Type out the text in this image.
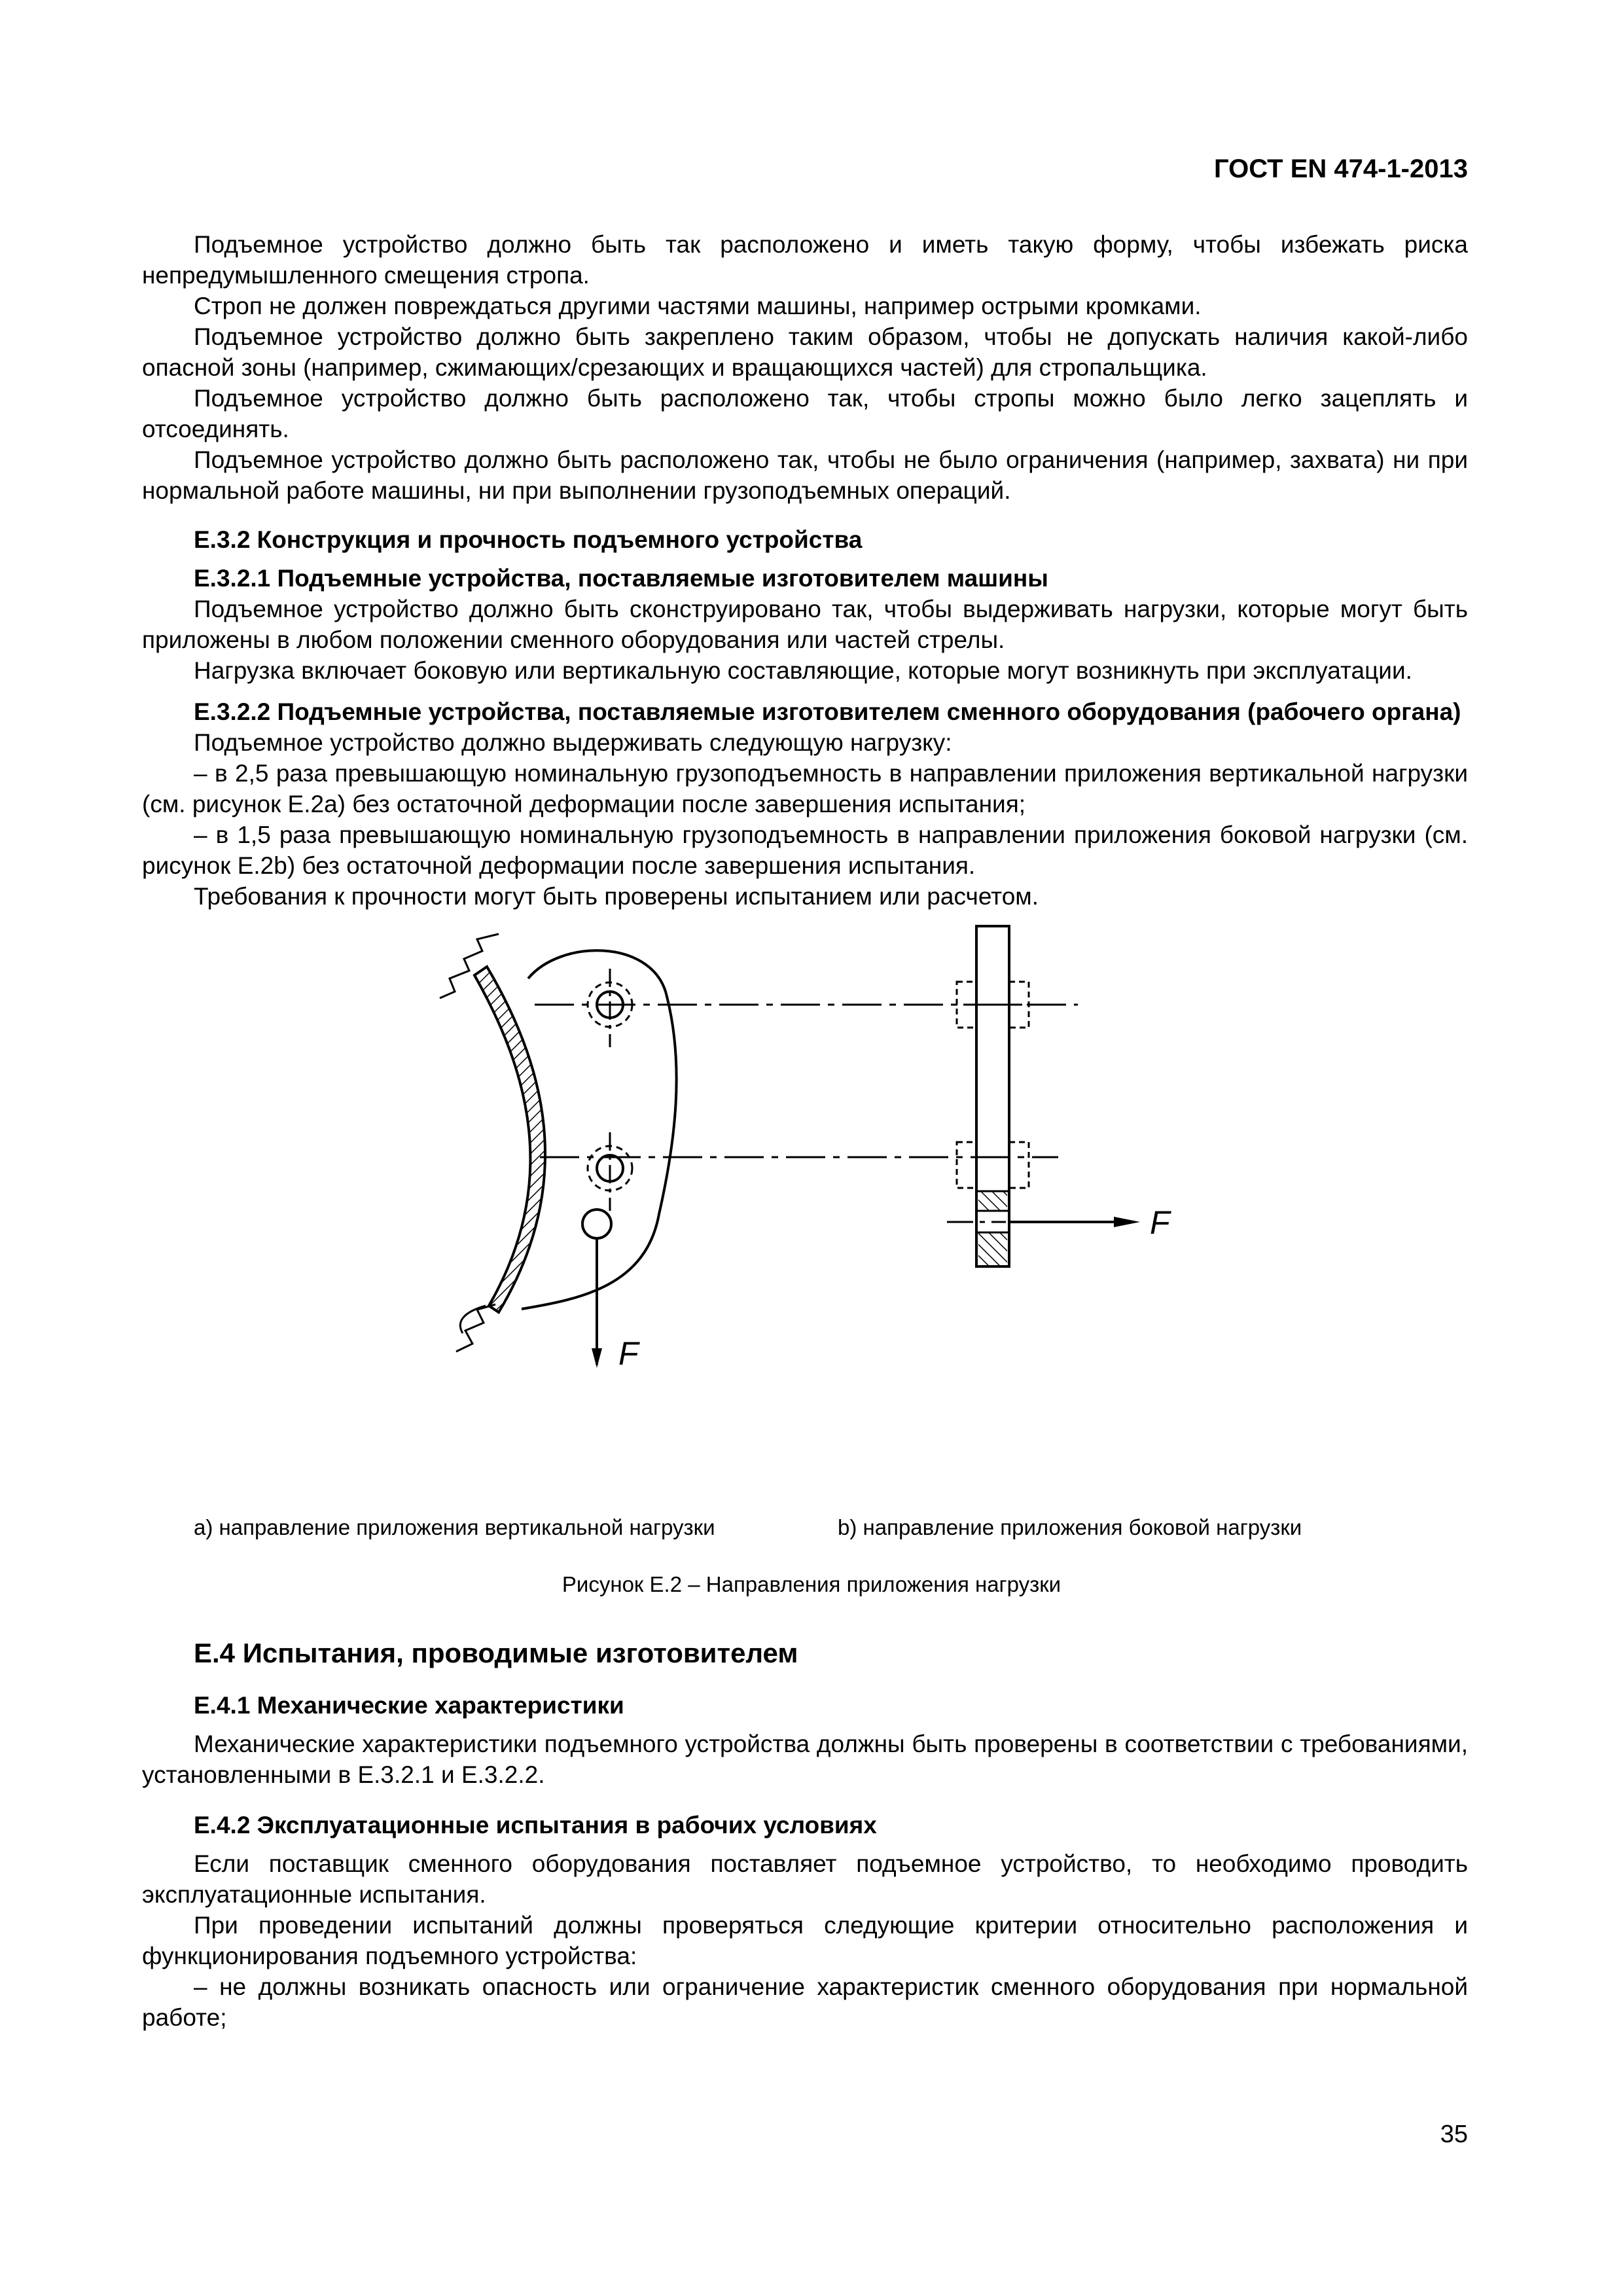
ГОСТ EN 474-1-2013

Подъемное устройство должно быть так расположено и иметь такую форму, чтобы избежать риска непредумышленного смещения стропа.

Строп не должен повреждаться другими частями машины, например острыми кромками.

Подъемное устройство должно быть закреплено таким образом, чтобы не допускать наличия какой-либо опасной зоны (например, сжимающих/срезающих и вращающихся частей) для стропальщика.

Подъемное устройство должно быть расположено так, чтобы стропы можно было легко зацеплять и отсоединять.

Подъемное устройство должно быть расположено так, чтобы не было ограничения (например, захвата) ни при нормальной работе машины, ни при выполнении грузоподъемных операций.

Е.3.2 Конструкция и прочность подъемного устройства

Е.3.2.1 Подъемные устройства, поставляемые изготовителем машины

Подъемное устройство должно быть сконструировано так, чтобы выдерживать нагрузки, которые могут быть приложены в любом положении сменного оборудования или частей стрелы.

Нагрузка включает боковую или вертикальную составляющие, которые могут возникнуть при эксплуатации.

Е.3.2.2 Подъемные устройства, поставляемые изготовителем сменного оборудования (рабочего органа)

Подъемное устройство должно выдерживать следующую нагрузку:

– в 2,5 раза превышающую номинальную грузоподъемность в направлении приложения вертикальной нагрузки (см. рисунок Е.2а) без остаточной деформации после завершения испытания;

– в 1,5 раза превышающую номинальную грузоподъемность в направлении приложения боковой нагрузки (см. рисунок Е.2b) без остаточной деформации после завершения испытания.

Требования к прочности могут быть проверены испытанием или расчетом.

F
F
а) направление приложения вертикальной нагрузки	b) направление приложения боковой нагрузки
Рисунок Е.2 – Направления приложения нагрузки

Е.4 Испытания, проводимые изготовителем

Е.4.1 Механические характеристики

Механические характеристики подъемного устройства должны быть проверены в соответствии с требованиями, установленными в Е.3.2.1 и Е.3.2.2.

Е.4.2 Эксплуатационные испытания в рабочих условиях

Если поставщик сменного оборудования поставляет подъемное устройство, то необходимо проводить эксплуатационные испытания.

При проведении испытаний должны проверяться следующие критерии относительно расположения и функционирования подъемного устройства:

– не должны возникать опасность или ограничение характеристик сменного оборудования при нормальной работе;

35
